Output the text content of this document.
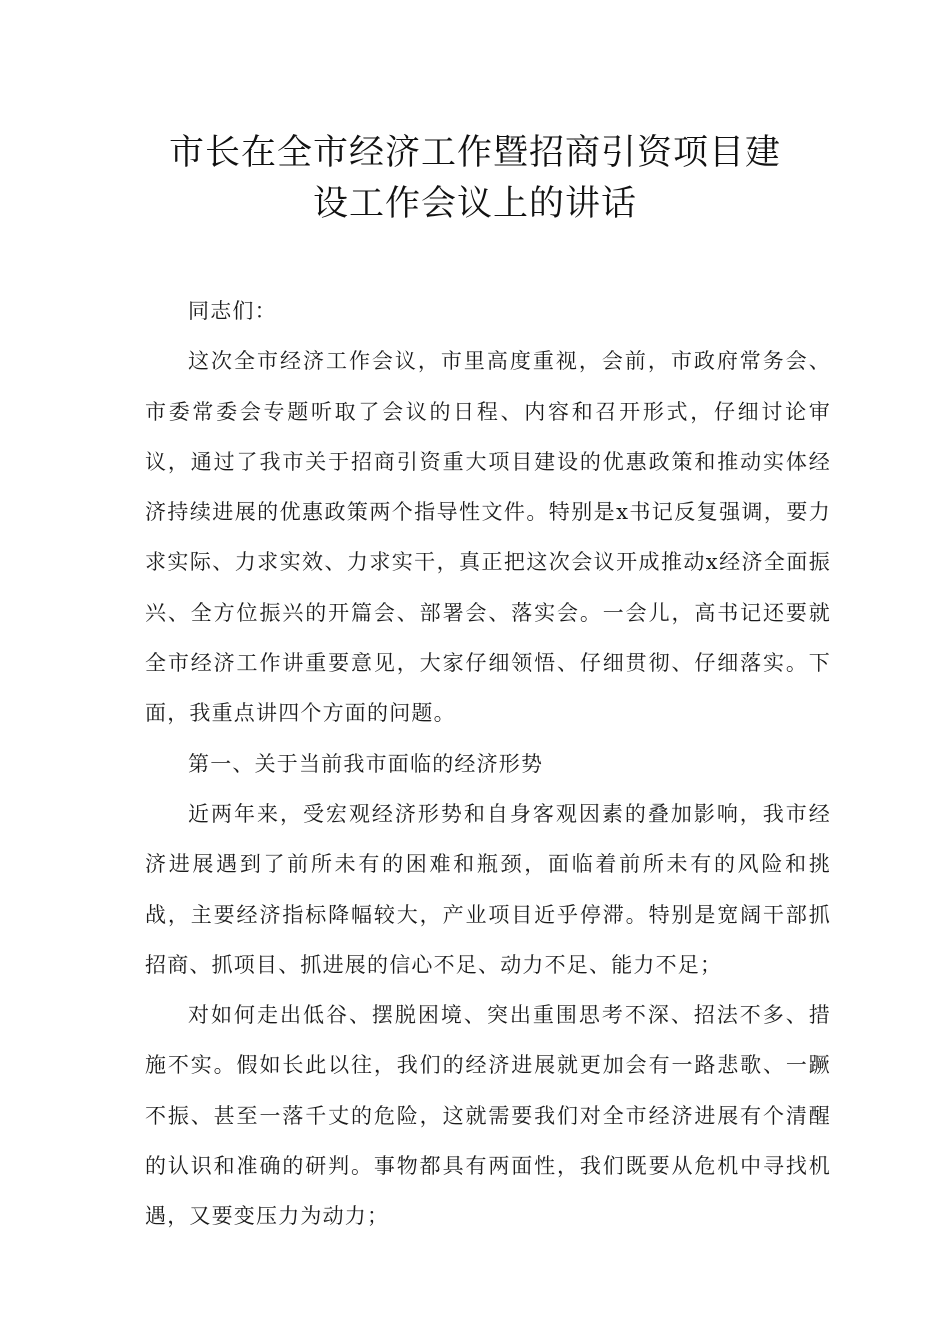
市长在全市经济工作暨招商引资项目建
设工作会议上的讲话

同志们：

这次全市经济工作会议，市里高度重视，会前，市政府常务会、市委常委会专题听取了会议的日程、内容和召开形式，仔细讨论审议，通过了我市关于招商引资重大项目建设的优惠政策和推动实体经济持续进展的优惠政策两个指导性文件。特别是x书记反复强调，要力求实际、力求实效、力求实干，真正把这次会议开成推动x经济全面振兴、全方位振兴的开篇会、部署会、落实会。一会儿，高书记还要就全市经济工作讲重要意见，大家仔细领悟、仔细贯彻、仔细落实。下面，我重点讲四个方面的问题。

第一、关于当前我市面临的经济形势

近两年来，受宏观经济形势和自身客观因素的叠加影响，我市经济进展遇到了前所未有的困难和瓶颈，面临着前所未有的风险和挑战，主要经济指标降幅较大，产业项目近乎停滞。特别是宽阔干部抓招商、抓项目、抓进展的信心不足、动力不足、能力不足；

对如何走出低谷、摆脱困境、突出重围思考不深、招法不多、措施不实。假如长此以往，我们的经济进展就更加会有一路悲歌、一蹶不振、甚至一落千丈的危险，这就需要我们对全市经济进展有个清醒的认识和准确的研判。事物都具有两面性，我们既要从危机中寻找机遇，又要变压力为动力；
